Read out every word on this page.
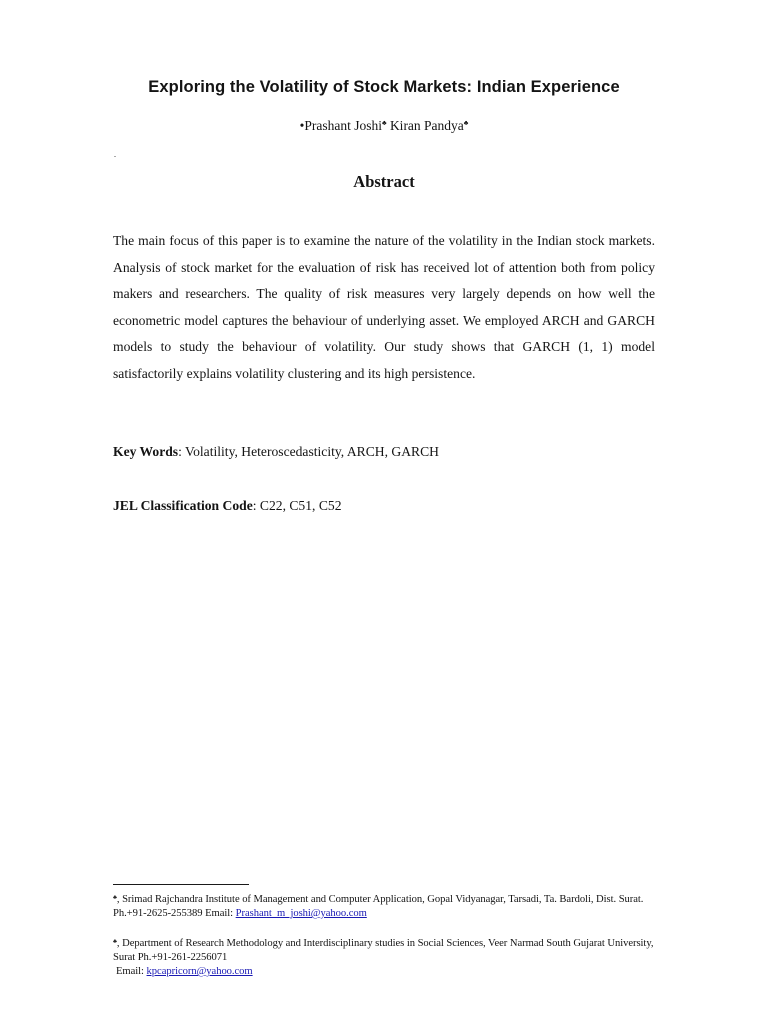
Exploring the Volatility of Stock Markets: Indian Experience
•Prashant Joshi♣ Kiran Pandya♣
.
Abstract

The main focus of this paper is to examine the nature of the volatility in the Indian stock markets. Analysis of stock market for the evaluation of risk has received lot of attention both from policy makers and researchers. The quality of risk measures very largely depends on how well the econometric model captures the behaviour of underlying asset. We employed ARCH and GARCH models to study the behaviour of volatility. Our study shows that GARCH (1, 1) model satisfactorily explains volatility clustering and its high persistence.

Key Words: Volatility, Heteroscedasticity, ARCH, GARCH

JEL Classification Code: C22, C51, C52

♣, Srimad Rajchandra Institute of Management and Computer Application, Gopal Vidyanagar, Tarsadi, Ta. Bardoli, Dist. Surat. Ph.+91-2625-255389 Email: Prashant_m_joshi@yahoo.com

♣, Department of Research Methodology and Interdisciplinary studies in Social Sciences, Veer Narmad South Gujarat University, Surat Ph.+91-261-2256071
Email: kpcapricorn@yahoo.com
